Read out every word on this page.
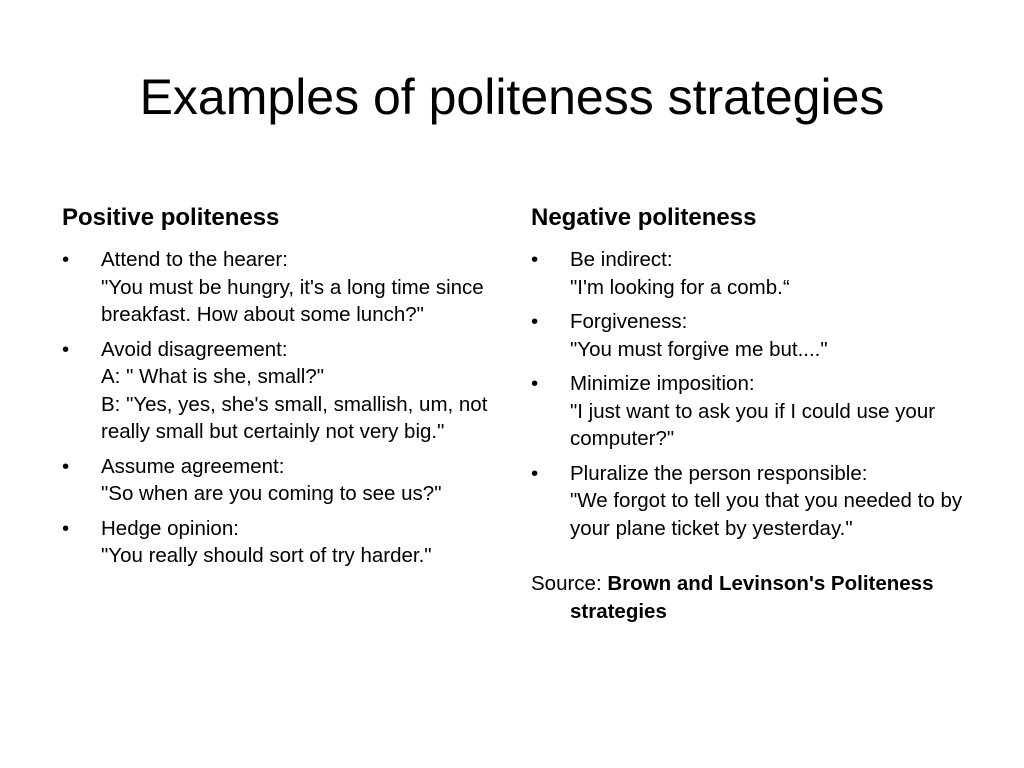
Examples of politeness strategies
Positive politeness
•	Attend to the hearer:
"You must be hungry, it's a long time since breakfast. How about some lunch?"
•	Avoid disagreement:
A: " What is she, small?"
B: "Yes, yes, she's small, smallish, um, not really small but certainly not very big."
•	Assume agreement:
"So when are you coming to see us?"
•	Hedge opinion:
"You really should sort of try harder."
Negative politeness
•	Be indirect:
"I'm looking for a comb.“
•	Forgiveness:
"You must forgive me but...."
•	Minimize imposition:
"I just want to ask you if I could use your computer?"
•	Pluralize the person responsible:
"We forgot to tell you that you needed to by your plane ticket by yesterday."

Source: Brown and Levinson's Politeness strategies
